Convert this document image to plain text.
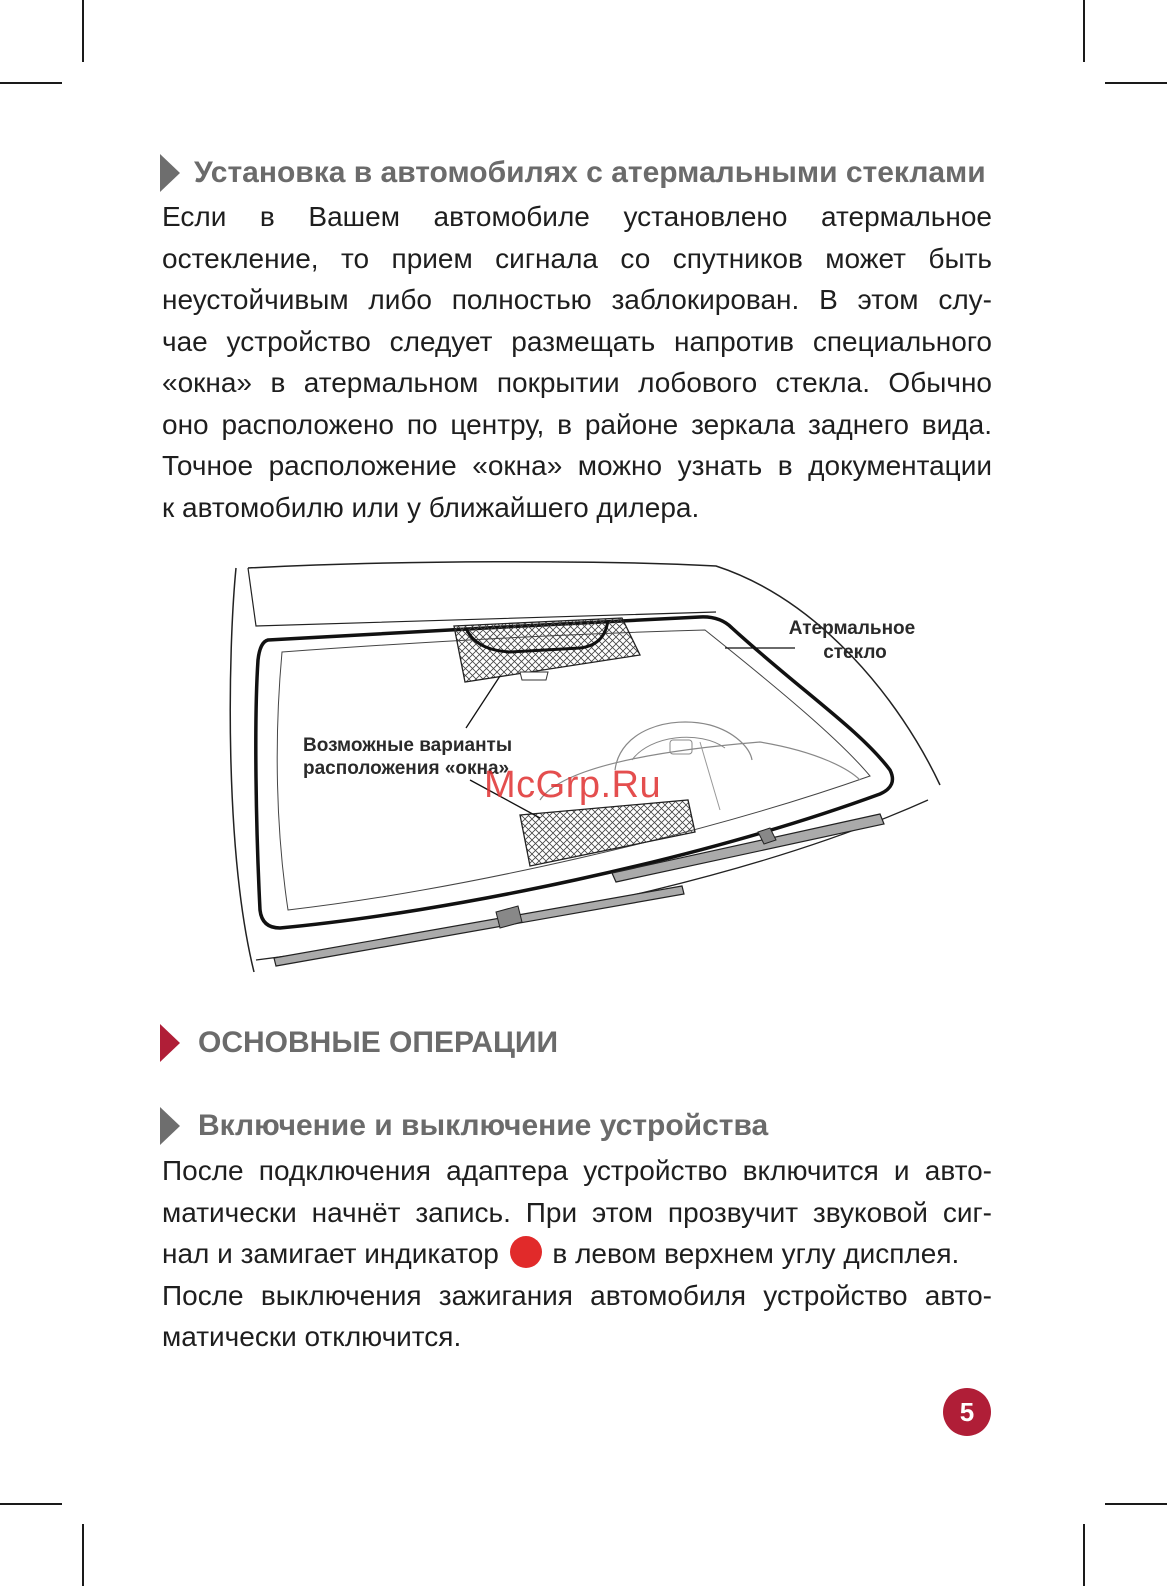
Установка в автомобилях с атермальными стеклами
Если в Вашем автомобиле установлено атермальное
остекление, то прием сигнала со спутников может быть
неустойчивым либо полностью заблокирован. В этом слу-
чае устройство следует размещать напротив специального
«окна» в атермальном покрытии лобового стекла. Обычно
оно расположено по центру, в районе зеркала заднего вида.
Точное расположение «окна» можно узнать в документации
к автомобилю или у ближайшего дилера.
Атермальное
стекло
Возможные варианты
расположения «окна»
McGrp.Ru
ОСНОВНЫЕ ОПЕРАЦИИ
Включение и выключение устройства
После подключения адаптера устройство включится и авто-
матически начнёт запись. При этом прозвучит звуковой сиг-
нал и замигает индикатор в левом верхнем углу дисплея.
После выключения зажигания автомобиля устройство авто-
матически отключится.
5
